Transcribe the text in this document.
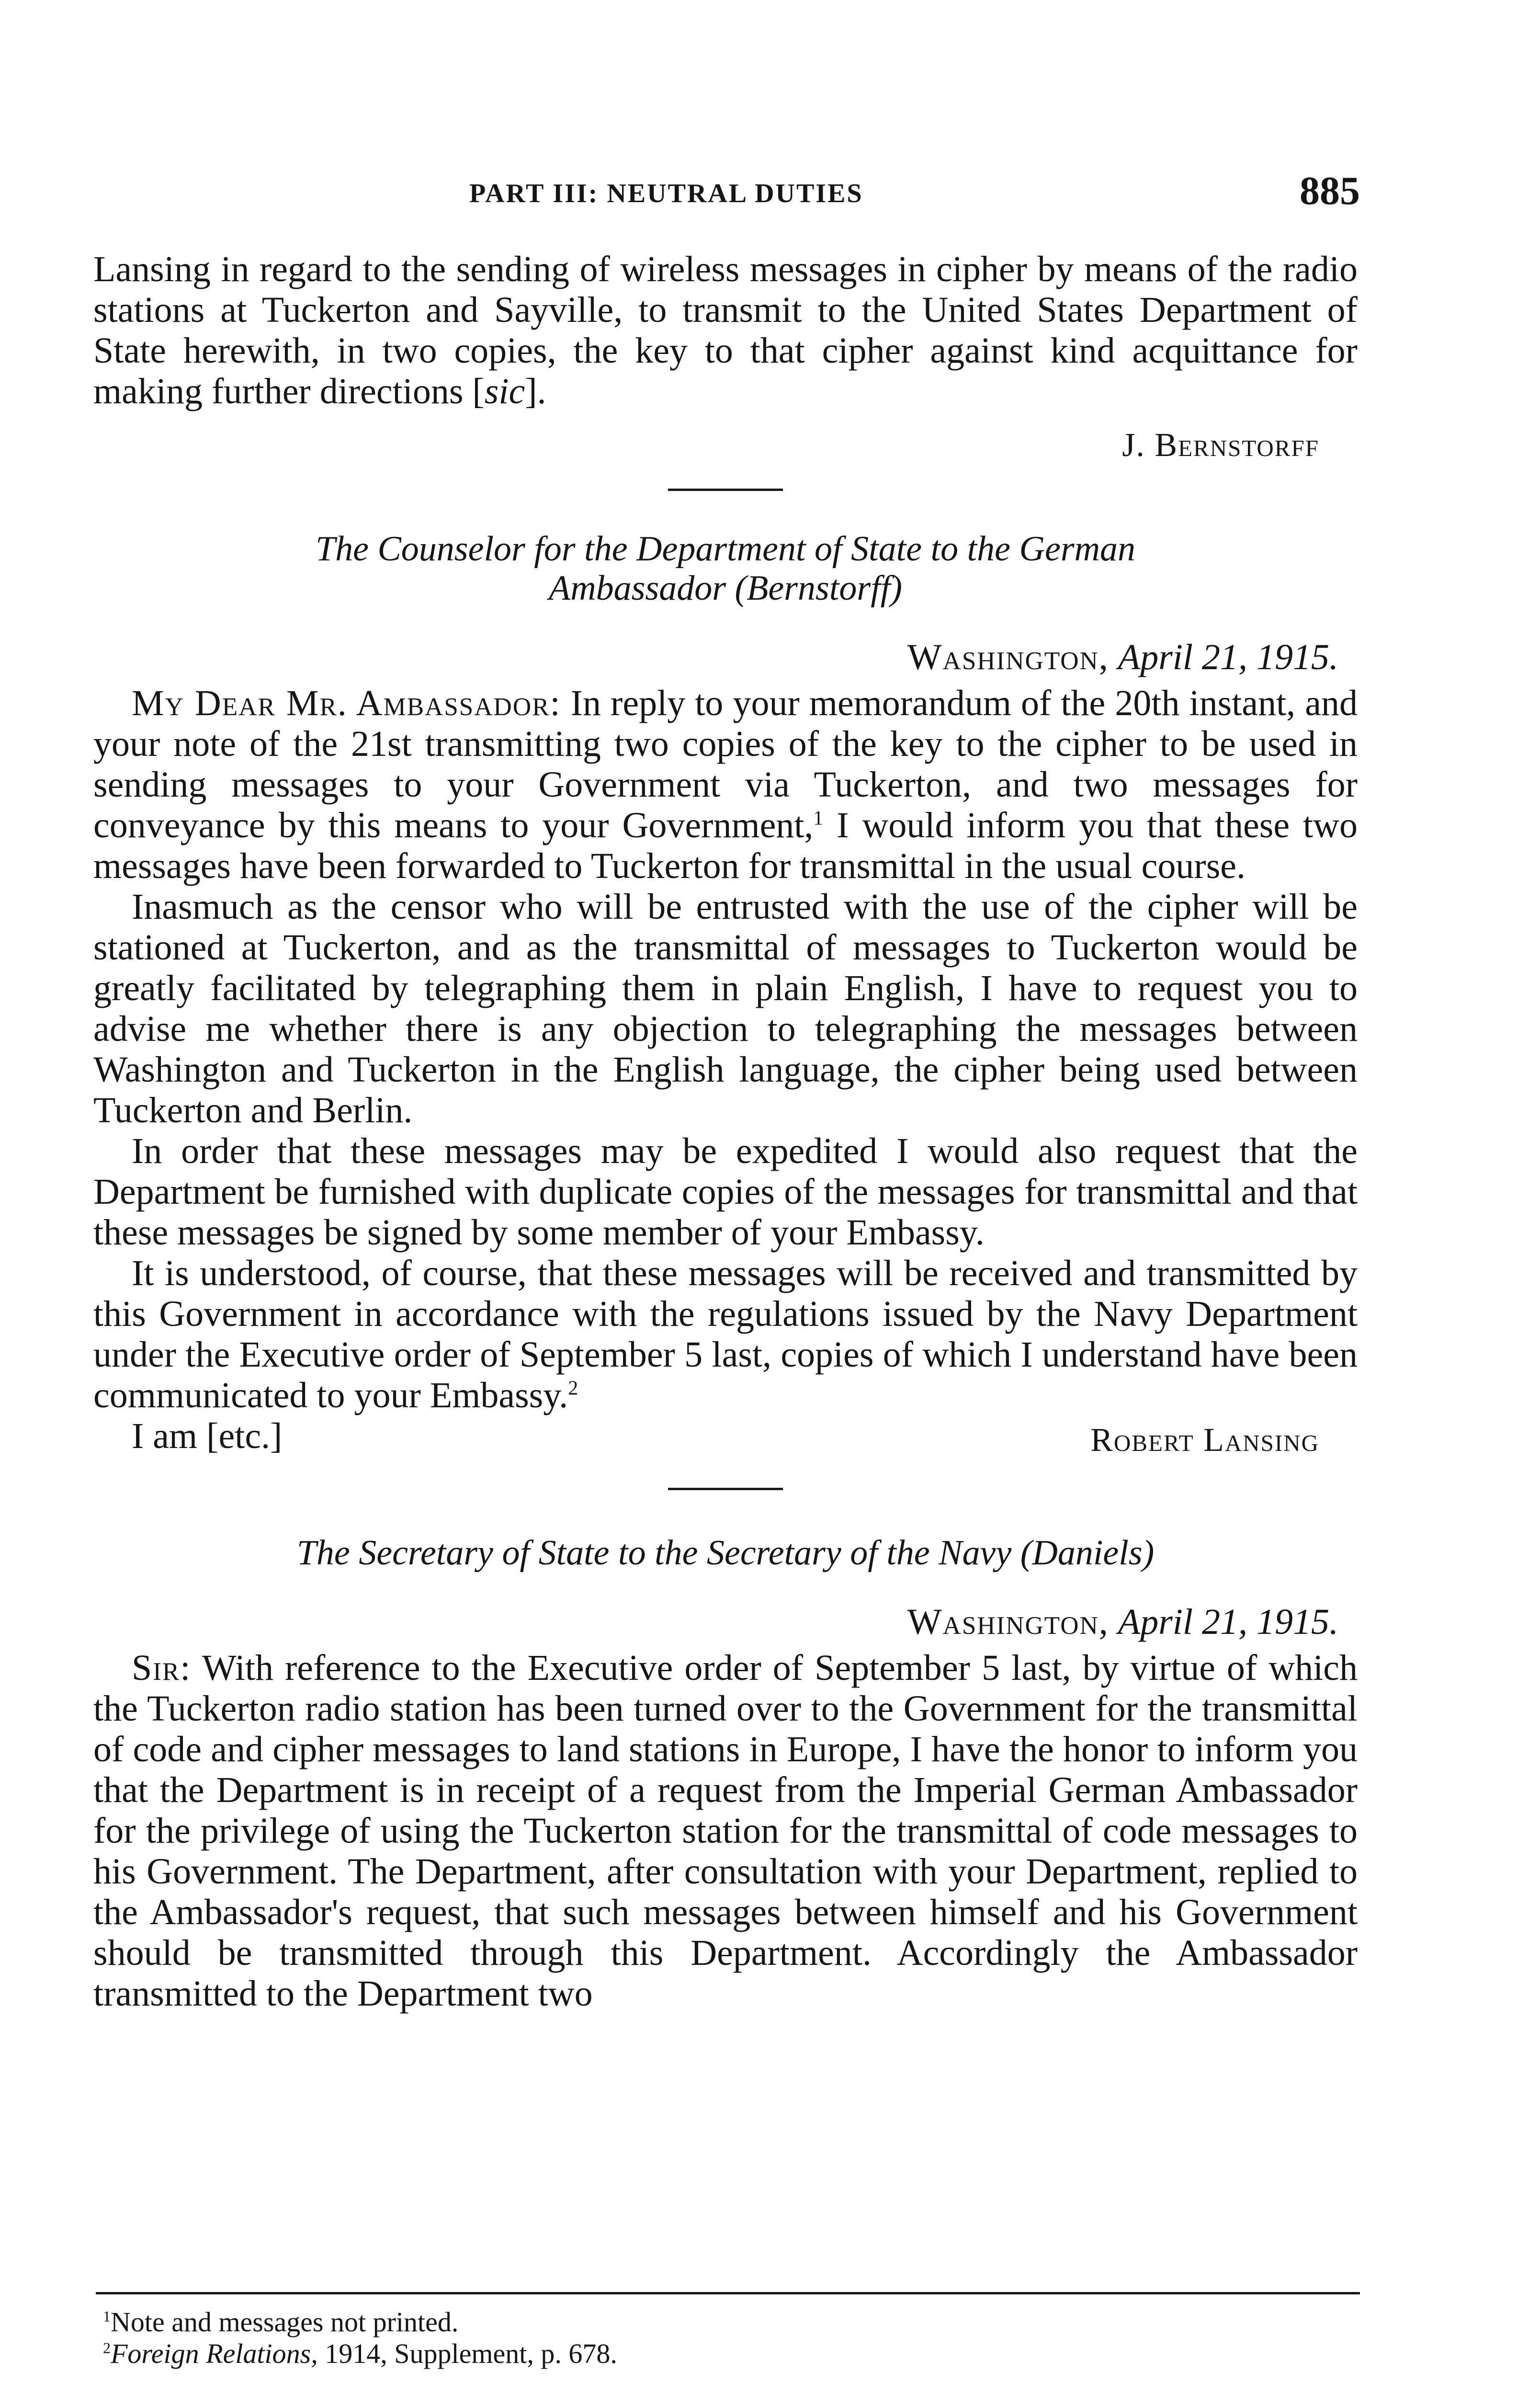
PART III: NEUTRAL DUTIES	885

Lansing in regard to the sending of wireless messages in cipher by means of the radio stations at Tuckerton and Sayville, to transmit to the United States Department of State herewith, in two copies, the key to that cipher against kind acquittance for making further directions [sic].

J. Bernstorff
The Counselor for the Department of State to the German
Ambassador (Bernstorff)
Washington, April 21, 1915.

My Dear Mr. Ambassador: In reply to your memorandum of the 20th instant, and your note of the 21st transmitting two copies of the key to the cipher to be used in sending messages to your Government via Tuckerton, and two messages for conveyance by this means to your Government,$^1$ I would inform you that these two messages have been forwarded to Tuckerton for transmittal in the usual course.

Inasmuch as the censor who will be entrusted with the use of the cipher will be stationed at Tuckerton, and as the transmittal of messages to Tuckerton would be greatly facilitated by telegraphing them in plain English, I have to request you to advise me whether there is any objection to telegraphing the messages between Washington and Tuckerton in the English language, the cipher being used between Tuckerton and Berlin.

In order that these messages may be expedited I would also request that the Department be furnished with duplicate copies of the messages for transmittal and that these messages be signed by some member of your Embassy.

It is understood, of course, that these messages will be received and transmitted by this Government in accordance with the regulations issued by the Navy Department under the Executive order of September 5 last, copies of which I understand have been communicated to your Embassy.$^2$

I am [etc.]	Robert Lansing
The Secretary of State to the Secretary of the Navy (Daniels)
Washington, April 21, 1915.

Sir: With reference to the Executive order of September 5 last, by virtue of which the Tuckerton radio station has been turned over to the Government for the transmittal of code and cipher messages to land stations in Europe, I have the honor to inform you that the Department is in receipt of a request from the Imperial German Ambassador for the privilege of using the Tuckerton station for the transmittal of code messages to his Government. The Department, after consultation with your Department, replied to the Ambassador's request, that such messages between himself and his Government should be transmitted through this Department. Accordingly the Ambassador transmitted to the Department two

$^1$Note and messages not printed.

$^2$Foreign Relations, 1914, Supplement, p. 678.
